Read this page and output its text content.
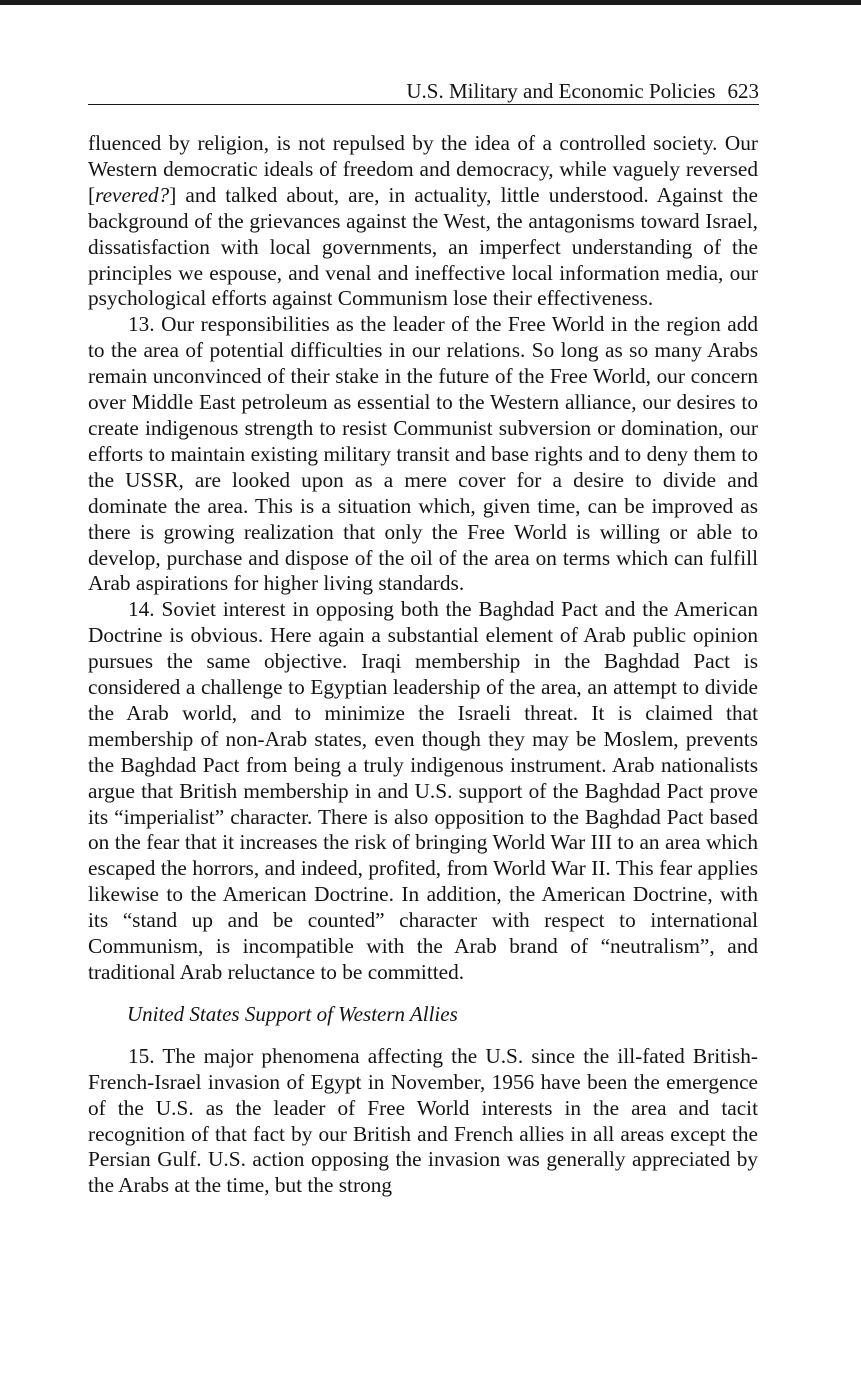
U.S. Military and Economic Policies 623

fluenced by religion, is not repulsed by the idea of a controlled society. Our Western democratic ideals of freedom and democracy, while vaguely reversed [revered?] and talked about, are, in actuality, little understood. Against the background of the grievances against the West, the antagonisms toward Israel, dissatisfaction with local governments, an imperfect understanding of the principles we espouse, and venal and ineffective local information media, our psychological efforts against Communism lose their effectiveness.

13. Our responsibilities as the leader of the Free World in the region add to the area of potential difficulties in our relations. So long as so many Arabs remain unconvinced of their stake in the future of the Free World, our concern over Middle East petroleum as essential to the Western alliance, our desires to create indigenous strength to resist Communist subversion or domination, our efforts to maintain existing military transit and base rights and to deny them to the USSR, are looked upon as a mere cover for a desire to divide and dominate the area. This is a situation which, given time, can be improved as there is growing realization that only the Free World is willing or able to develop, purchase and dispose of the oil of the area on terms which can fulfill Arab aspirations for higher living standards.

14. Soviet interest in opposing both the Baghdad Pact and the American Doctrine is obvious. Here again a substantial element of Arab public opinion pursues the same objective. Iraqi membership in the Baghdad Pact is considered a challenge to Egyptian leadership of the area, an attempt to divide the Arab world, and to minimize the Israeli threat. It is claimed that membership of non-Arab states, even though they may be Moslem, prevents the Baghdad Pact from being a truly indigenous instrument. Arab nationalists argue that British membership in and U.S. support of the Baghdad Pact prove its “imperialist” character. There is also opposition to the Baghdad Pact based on the fear that it increases the risk of bringing World War III to an area which escaped the horrors, and indeed, profited, from World War II. This fear applies likewise to the American Doctrine. In addition, the American Doctrine, with its “stand up and be counted” character with respect to international Communism, is incompatible with the Arab brand of “neutralism”, and traditional Arab reluctance to be committed.

United States Support of Western Allies

15. The major phenomena affecting the U.S. since the ill-fated British-French-Israel invasion of Egypt in November, 1956 have been the emergence of the U.S. as the leader of Free World interests in the area and tacit recognition of that fact by our British and French allies in all areas except the Persian Gulf. U.S. action opposing the invasion was generally appreciated by the Arabs at the time, but the strong
